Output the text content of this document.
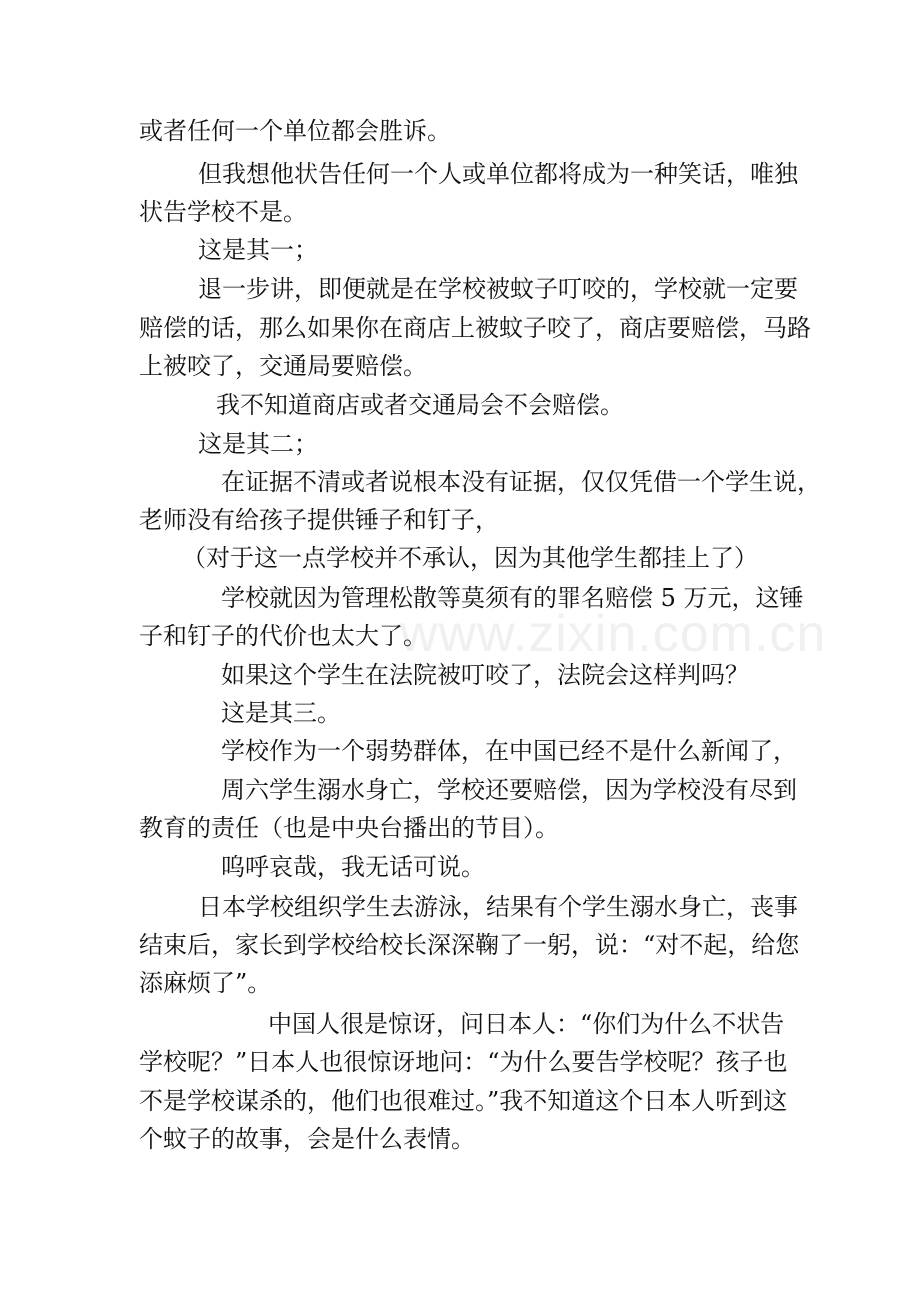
www.zixin.com.cn
或者任何一个单位都会胜诉。
但我想他状告任何一个人或单位都将成为一种笑话，唯独
状告学校不是。
这是其一；
退一步讲，即便就是在学校被蚊子叮咬的，学校就一定要
赔偿的话，那么如果你在商店上被蚊子咬了，商店要赔偿，马路
上被咬了，交通局要赔偿。
我不知道商店或者交通局会不会赔偿。
这是其二；
在证据不清或者说根本没有证据，仅仅凭借一个学生说，
老师没有给孩子提供锤子和钉子，
（对于这一点学校并不承认，因为其他学生都挂上了）
学校就因为管理松散等莫须有的罪名赔偿 5 万元，这锤
子和钉子的代价也太大了。
如果这个学生在法院被叮咬了，法院会这样判吗？
这是其三。
学校作为一个弱势群体，在中国已经不是什么新闻了，
周六学生溺水身亡，学校还要赔偿，因为学校没有尽到
教育的责任（也是中央台播出的节目）。
呜呼哀哉，我无话可说。
日本学校组织学生去游泳，结果有个学生溺水身亡，丧事
结束后，家长到学校给校长深深鞠了一躬，说：“对不起，给您
添麻烦了”。
中国人很是惊讶，问日本人：“你们为什么不状告
学校呢？”日本人也很惊讶地问：“为什么要告学校呢？孩子也
不是学校谋杀的，他们也很难过。”我不知道这个日本人听到这
个蚊子的故事，会是什么表情。
